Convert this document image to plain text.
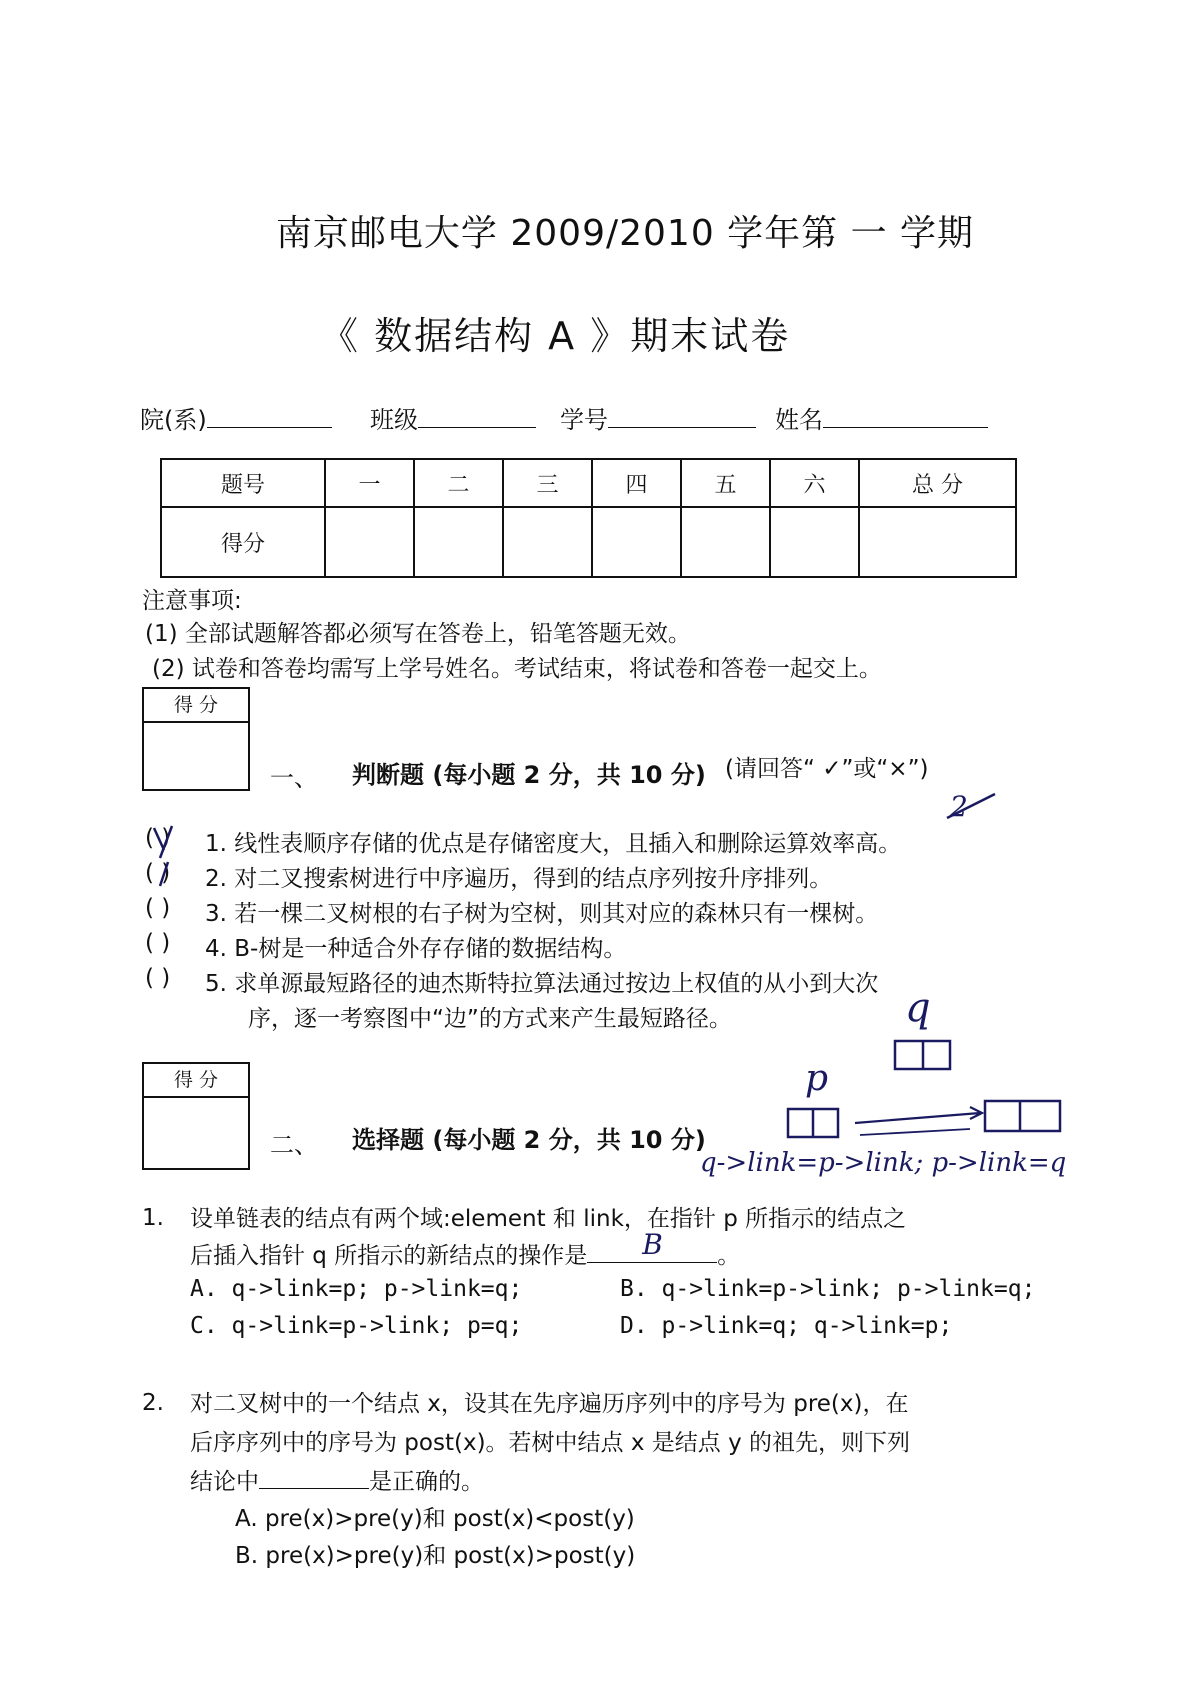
南京邮电大学 2009/2010 学年第 一 学期
《 数据结构 A 》期末试卷
院(系)	班级	学号	姓名
题号	一	二	三	四	五	六	总 分
得分							
注意事项:
(1) 全部试题解答都必须写在答卷上，铅笔答题无效。
(2) 试卷和答卷均需写上学号姓名。考试结束，将试卷和答卷一起交上。
得 分
一、 判断题 (每小题 2 分，共 10 分) (请回答“ ✓”或“×”)
( ) 1. 线性表顺序存储的优点是存储密度大，且插入和删除运算效率高。
( ) 2. 对二叉搜索树进行中序遍历，得到的结点序列按升序排列。
( ) 3. 若一棵二叉树根的右子树为空树，则其对应的森林只有一棵树。
( ) 4. B-树是一种适合外存存储的数据结构。
( ) 5. 求单源最短路径的迪杰斯特拉算法通过按边上权值的从小到大次
序，逐一考察图中“边”的方式来产生最短路径。
2
得 分
二、 选择题 (每小题 2 分，共 10 分)
q
p
q->link=p->link; p->link=q
1. 设单链表的结点有两个域:element 和 link，在指针 p 所指示的结点之
后插入指针 q 所指示的新结点的操作是 B 。
A. q->link=p; p->link=q;	B. q->link=p->link; p->link=q;
C. q->link=p->link; p=q;	D. p->link=q; q->link=p;
2. 对二叉树中的一个结点 x，设其在先序遍历序列中的序号为 pre(x)，在
后序序列中的序号为 post(x)。若树中结点 x 是结点 y 的祖先，则下列
结论中	是正确的。
A. pre(x)>pre(y)和 post(x)<post(y)
B. pre(x)>pre(y)和 post(x)>post(y)
